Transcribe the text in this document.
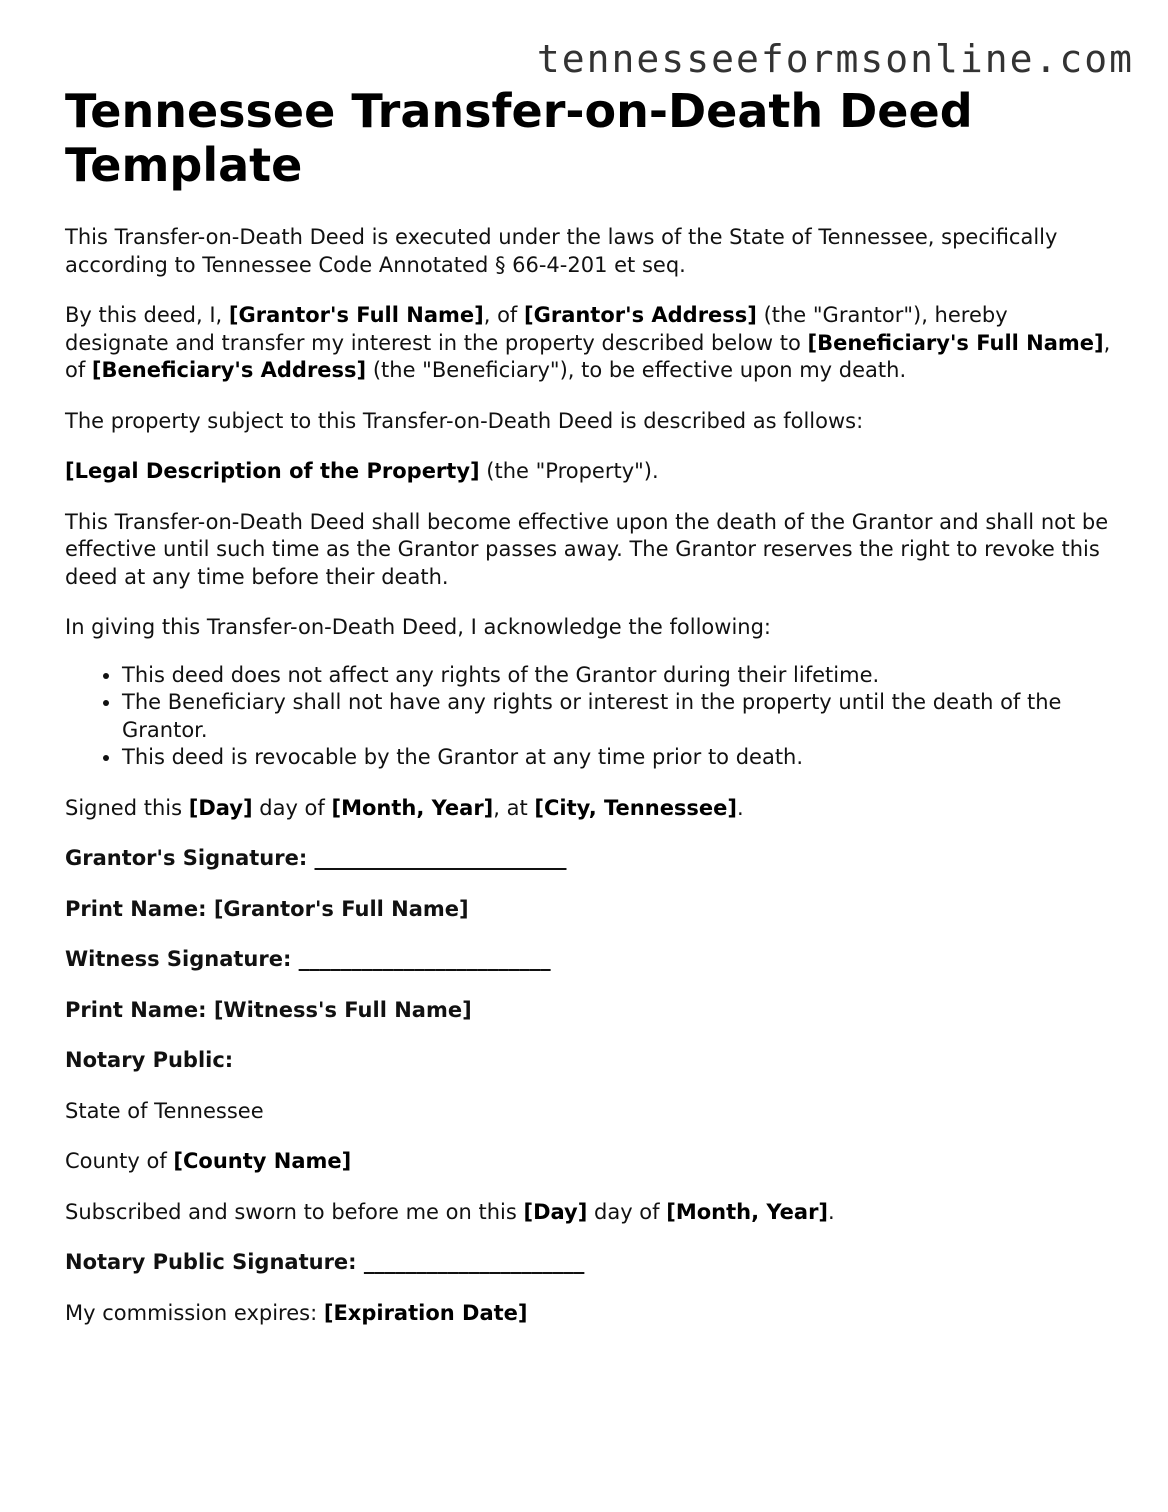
tennesseeformsonline.com
Tennessee Transfer-on-Death Deed Template

This Transfer-on-Death Deed is executed under the laws of the State of Tennessee, specifically according to Tennessee Code Annotated § 66-4-201 et seq.

By this deed, I, [Grantor's Full Name], of [Grantor's Address] (the "Grantor"), hereby designate and transfer my interest in the property described below to [Beneficiary's Full Name], of [Beneficiary's Address] (the "Beneficiary"), to be effective upon my death.

The property subject to this Transfer-on-Death Deed is described as follows:

[Legal Description of the Property] (the "Property").

This Transfer-on-Death Deed shall become effective upon the death of the Grantor and shall not be effective until such time as the Grantor passes away. The Grantor reserves the right to revoke this deed at any time before their death.

In giving this Transfer-on-Death Deed, I acknowledge the following:

• This deed does not affect any rights of the Grantor during their lifetime.
• The Beneficiary shall not have any rights or interest in the property until the death of the Grantor.
• This deed is revocable by the Grantor at any time prior to death.

Signed this [Day] day of [Month, Year], at [City, Tennessee].

Grantor's Signature: ________________________

Print Name: [Grantor's Full Name]

Witness Signature: ________________________

Print Name: [Witness's Full Name]

Notary Public:

State of Tennessee

County of [County Name]

Subscribed and sworn to before me on this [Day] day of [Month, Year].

Notary Public Signature: _____________________

My commission expires: [Expiration Date]
